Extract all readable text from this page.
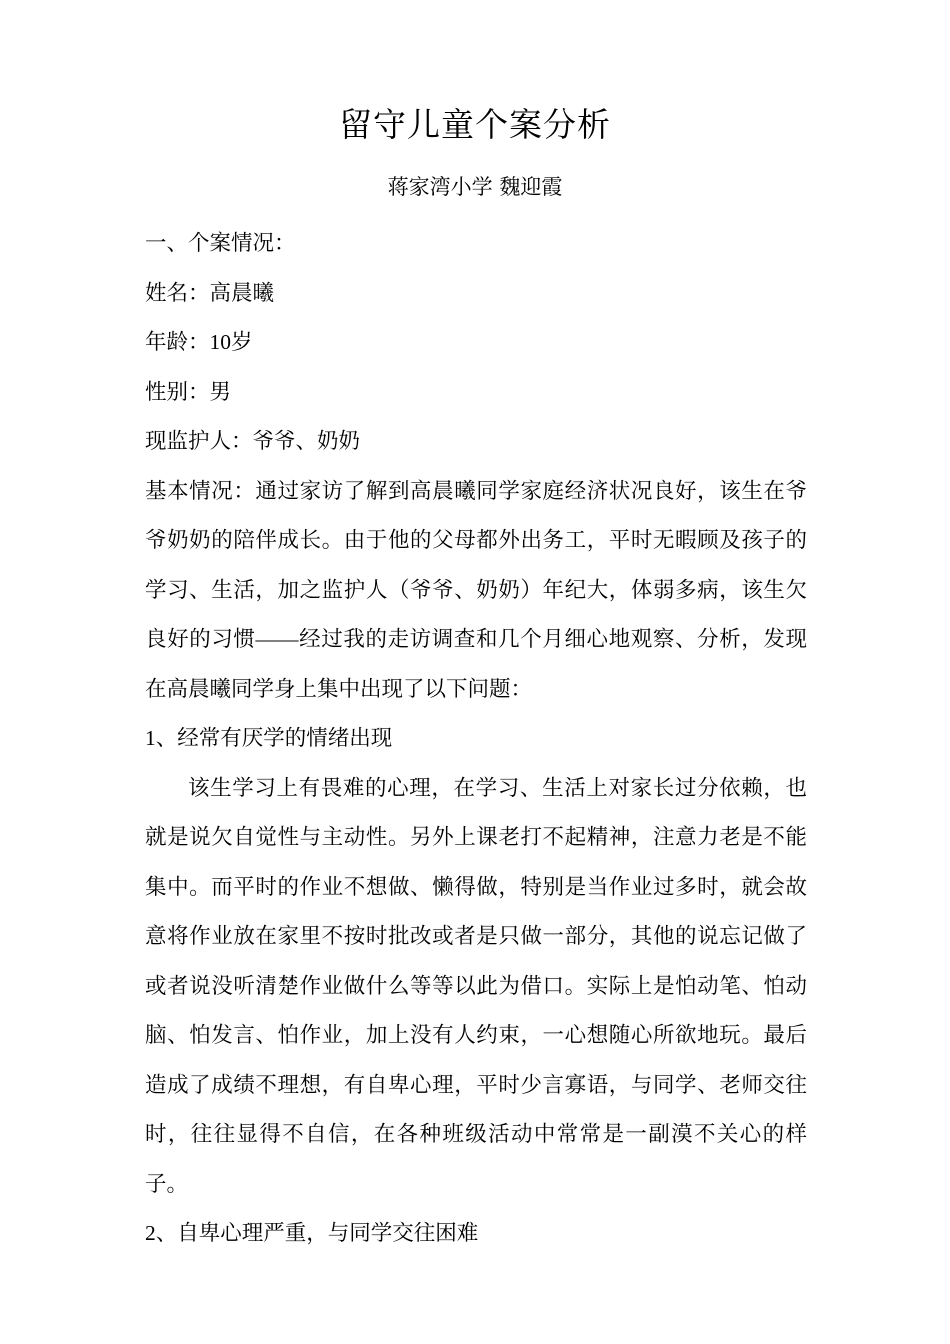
留守儿童个案分析
蒋家湾小学 魏迎霞

一、个案情况：

姓名：高晨曦

年龄：10岁

性别：男

现监护人：爷爷、奶奶

基本情况：通过家访了解到高晨曦同学家庭经济状况良好，该生在爷爷奶奶的陪伴成长。由于他的父母都外出务工，平时无暇顾及孩子的学习、生活，加之监护人（爷爷、奶奶）年纪大，体弱多病，该生欠良好的习惯——经过我的走访调查和几个月细心地观察、分析，发现在高晨曦同学身上集中出现了以下问题：

1、经常有厌学的情绪出现

该生学习上有畏难的心理，在学习、生活上对家长过分依赖，也就是说欠自觉性与主动性。另外上课老打不起精神，注意力老是不能集中。而平时的作业不想做、懒得做，特别是当作业过多时，就会故意将作业放在家里不按时批改或者是只做一部分，其他的说忘记做了或者说没听清楚作业做什么等等以此为借口。实际上是怕动笔、怕动脑、怕发言、怕作业，加上没有人约束，一心想随心所欲地玩。最后造成了成绩不理想，有自卑心理，平时少言寡语，与同学、老师交往时，往往显得不自信，在各种班级活动中常常是一副漠不关心的样子。

2、自卑心理严重，与同学交往困难
